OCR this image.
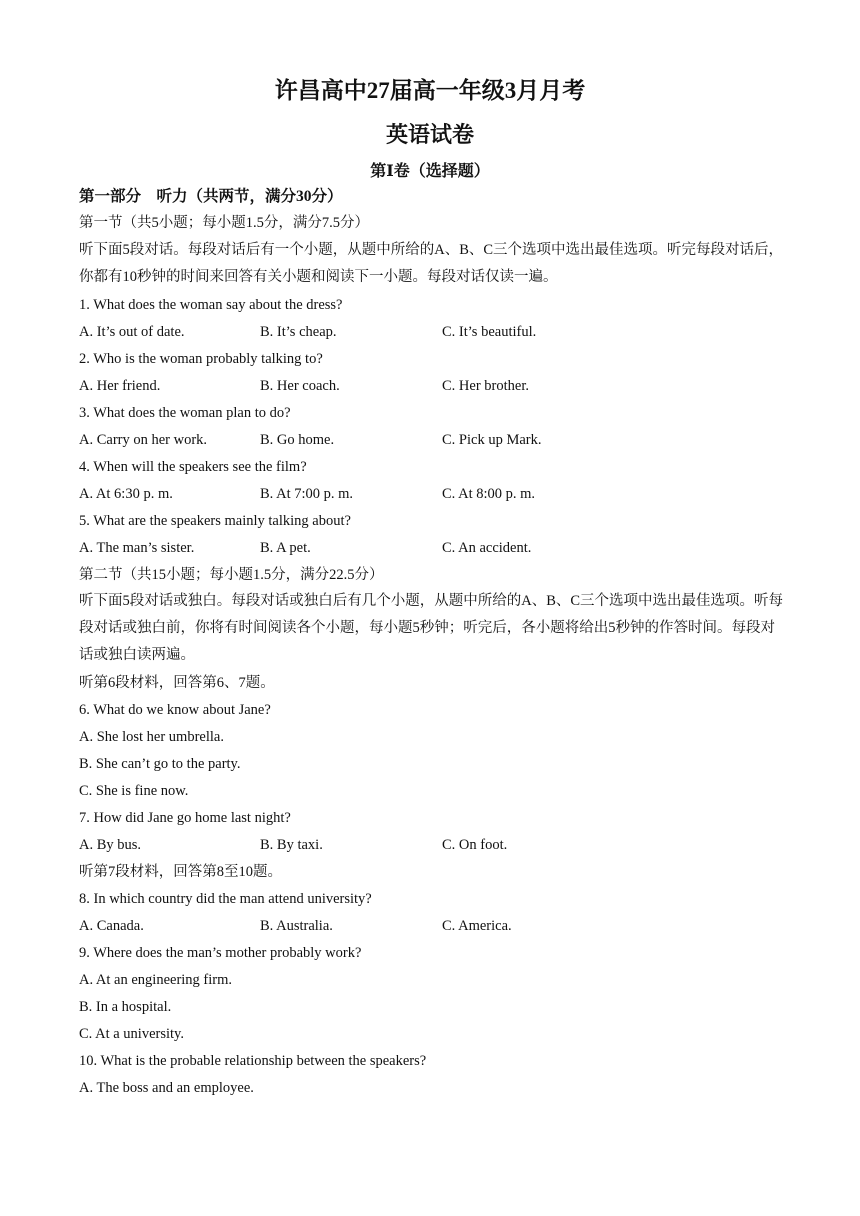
许昌高中27届高一年级3月月考
英语试卷
第Ⅰ卷（选择题）
第一部分　听力（共两节，满分30分）
第一节（共5小题；每小题1.5分，满分7.5分）
听下面5段对话。每段对话后有一个小题，从题中所给的A、B、C三个选项中选出最佳选项。听完每段对话后，你都有10秒钟的时间来回答有关小题和阅读下一小题。每段对话仅读一遍。
1. What does the woman say about the dress?
A. It’s out of date.	B. It’s cheap.	C. It’s beautiful.
2. Who is the woman probably talking to?
A. Her friend.	B. Her coach.	C. Her brother.
3. What does the woman plan to do?
A. Carry on her work.	B. Go home.	C. Pick up Mark.
4. When will the speakers see the film?
A. At 6:30 p. m.	B. At 7:00 p. m.	C. At 8:00 p. m.
5. What are the speakers mainly talking about?
A. The man’s sister.	B. A pet.	C. An accident.
第二节（共15小题；每小题1.5分，满分22.5分）
听下面5段对话或独白。每段对话或独白后有几个小题，从题中所给的A、B、C三个选项中选出最佳选项。听每段对话或独白前，你将有时间阅读各个小题，每小题5秒钟；听完后，各小题将给出5秒钟的作答时间。每段对话或独白读两遍。
听第6段材料，回答第6、7题。
6. What do we know about Jane?
A. She lost her umbrella.
B. She can’t go to the party.
C. She is fine now.
7. How did Jane go home last night?
A. By bus.	B. By taxi.	C. On foot.
听第7段材料，回答第8至10题。
8. In which country did the man attend university?
A. Canada.	B. Australia.	C. America.
9. Where does the man’s mother probably work?
A. At an engineering firm.
B. In a hospital.
C. At a university.
10. What is the probable relationship between the speakers?
A. The boss and an employee.
